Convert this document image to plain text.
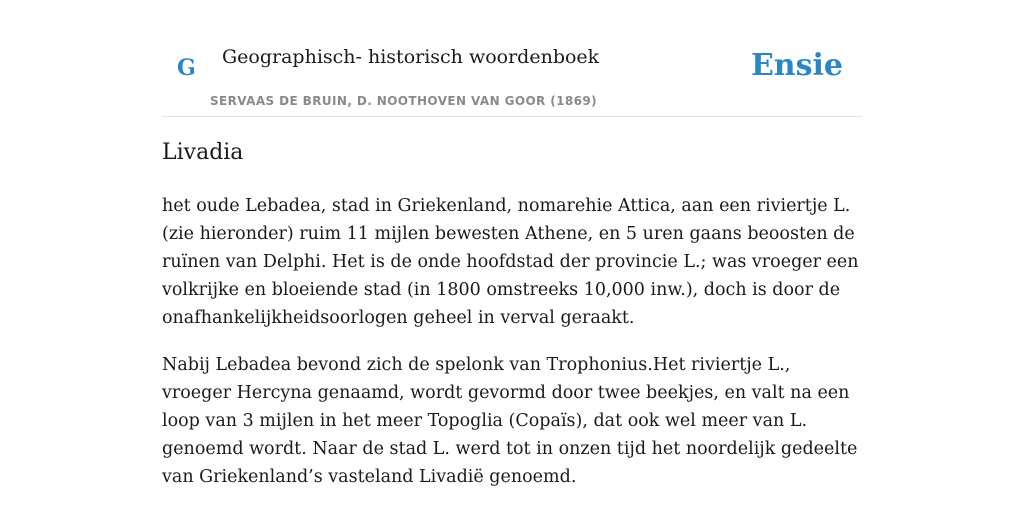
G Geographisch- historisch woordenboek
SERVAAS DE BRUIN, D. NOOTHOVEN VAN GOOR (1869)
Ensie
Livadia

het oude Lebadea, stad in Griekenland, nomarehie Attica, aan een riviertje L. (zie hieronder) ruim 11 mijlen bewesten Athene, en 5 uren gaans beoosten de ruïnen van Delphi. Het is de onde hoofdstad der provincie L.; was vroeger een volkrijke en bloeiende stad (in 1800 omstreeks 10,000 inw.), doch is door de onafhankelijkheidsoorlogen geheel in verval geraakt.

Nabij Lebadea bevond zich de spelonk van Trophonius.Het riviertje L., vroeger Hercyna genaamd, wordt gevormd door twee beekjes, en valt na een loop van 3 mijlen in het meer Topoglia (Copaïs), dat ook wel meer van L. genoemd wordt. Naar de stad L. werd tot in onzen tijd het noordelijk gedeelte van Griekenland’s vasteland Livadië genoemd.
